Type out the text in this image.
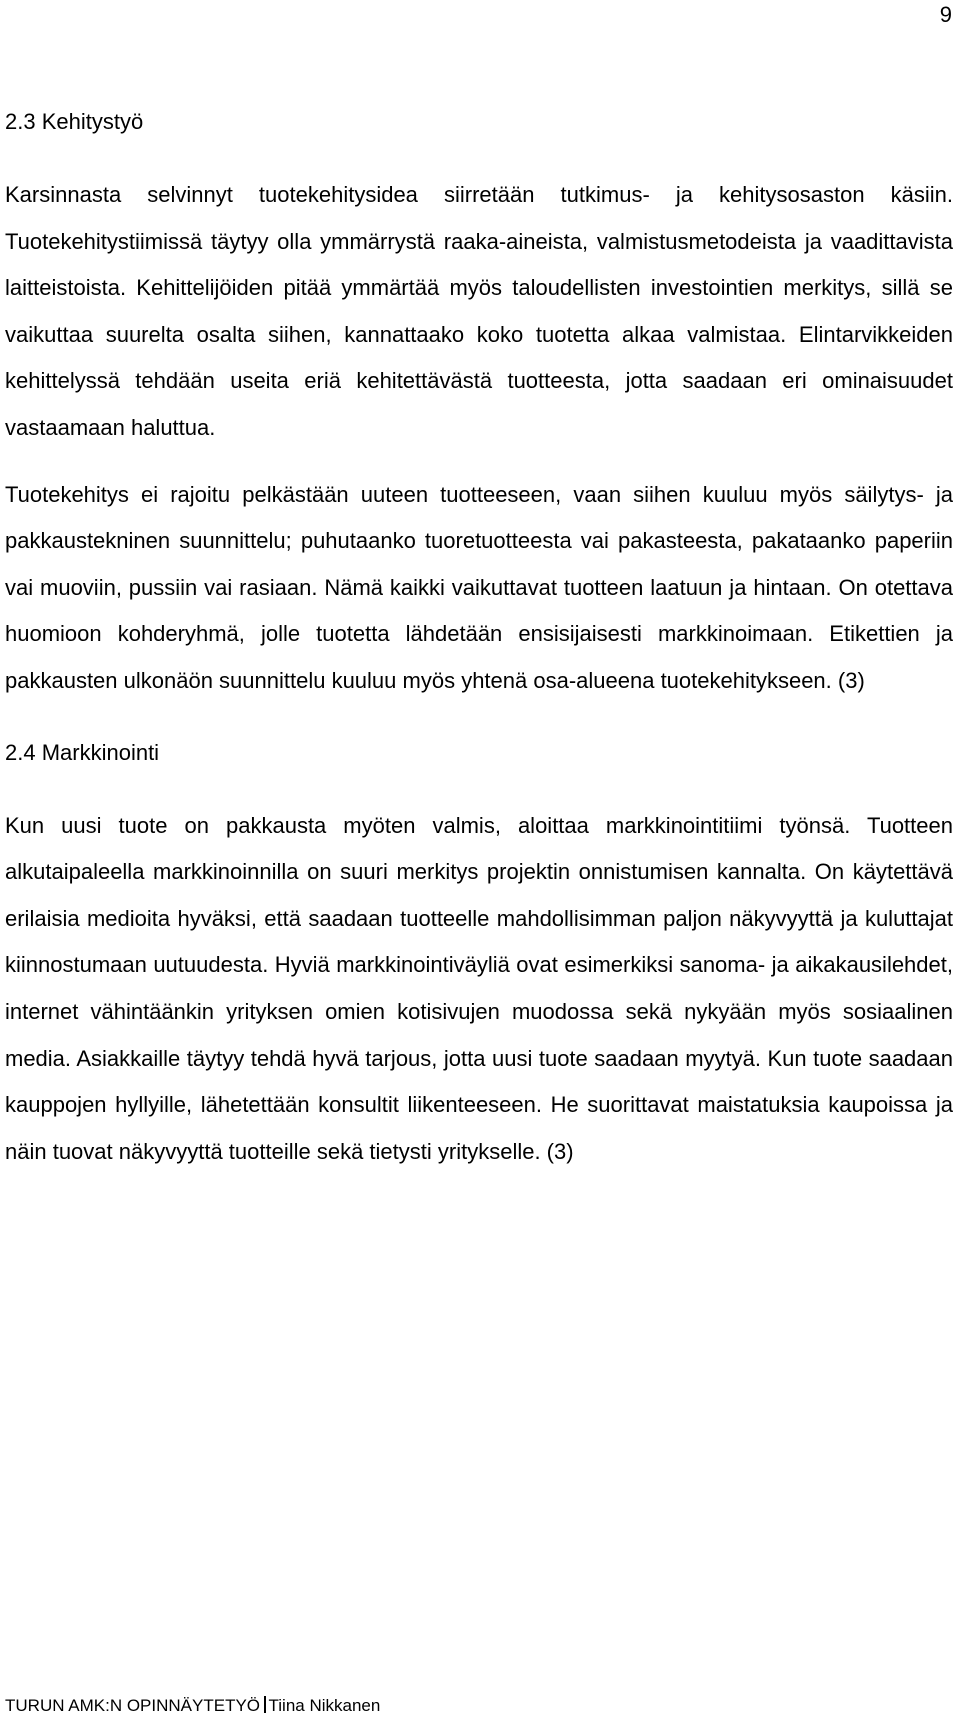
9
2.3 Kehitystyö

Karsinnasta selvinnyt tuotekehitysidea siirretään tutkimus- ja kehitysosaston käsiin. Tuotekehitystiimissä täytyy olla ymmärrystä raaka-aineista, valmistusmetodeista ja vaadittavista laitteistoista. Kehittelijöiden pitää ymmärtää myös taloudellisten investointien merkitys, sillä se vaikuttaa suurelta osalta siihen, kannattaako koko tuotetta alkaa valmistaa. Elintarvikkeiden kehittelyssä tehdään useita eriä kehitettävästä tuotteesta, jotta saadaan eri ominaisuudet vastaamaan haluttua.

Tuotekehitys ei rajoitu pelkästään uuteen tuotteeseen, vaan siihen kuuluu myös säilytys- ja pakkaustekninen suunnittelu; puhutaanko tuoretuotteesta vai pakasteesta, pakataanko paperiin vai muoviin, pussiin vai rasiaan. Nämä kaikki vaikuttavat tuotteen laatuun ja hintaan. On otettava huomioon kohderyhmä, jolle tuotetta lähdetään ensisijaisesti markkinoimaan. Etikettien ja pakkausten ulkonäön suunnittelu kuuluu myös yhtenä osa-alueena tuotekehitykseen. (3)

2.4 Markkinointi

Kun uusi tuote on pakkausta myöten valmis, aloittaa markkinointitiimi työnsä. Tuotteen alkutaipaleella markkinoinnilla on suuri merkitys projektin onnistumisen kannalta. On käytettävä erilaisia medioita hyväksi, että saadaan tuotteelle mahdollisimman paljon näkyvyyttä ja kuluttajat kiinnostumaan uutuudesta. Hyviä markkinointiväyliä ovat esimerkiksi sanoma- ja aikakausilehdet, internet vähintäänkin yrityksen omien kotisivujen muodossa sekä nykyään myös sosiaalinen media. Asiakkaille täytyy tehdä hyvä tarjous, jotta uusi tuote saadaan myytyä. Kun tuote saadaan kauppojen hyllyille, lähetettään konsultit liikenteeseen. He suorittavat maistatuksia kaupoissa ja näin tuovat näkyvyyttä tuotteille sekä tietysti yritykselle. (3)

TURUN AMK:N OPINNÄYTETYÖ Tiina Nikkanen
